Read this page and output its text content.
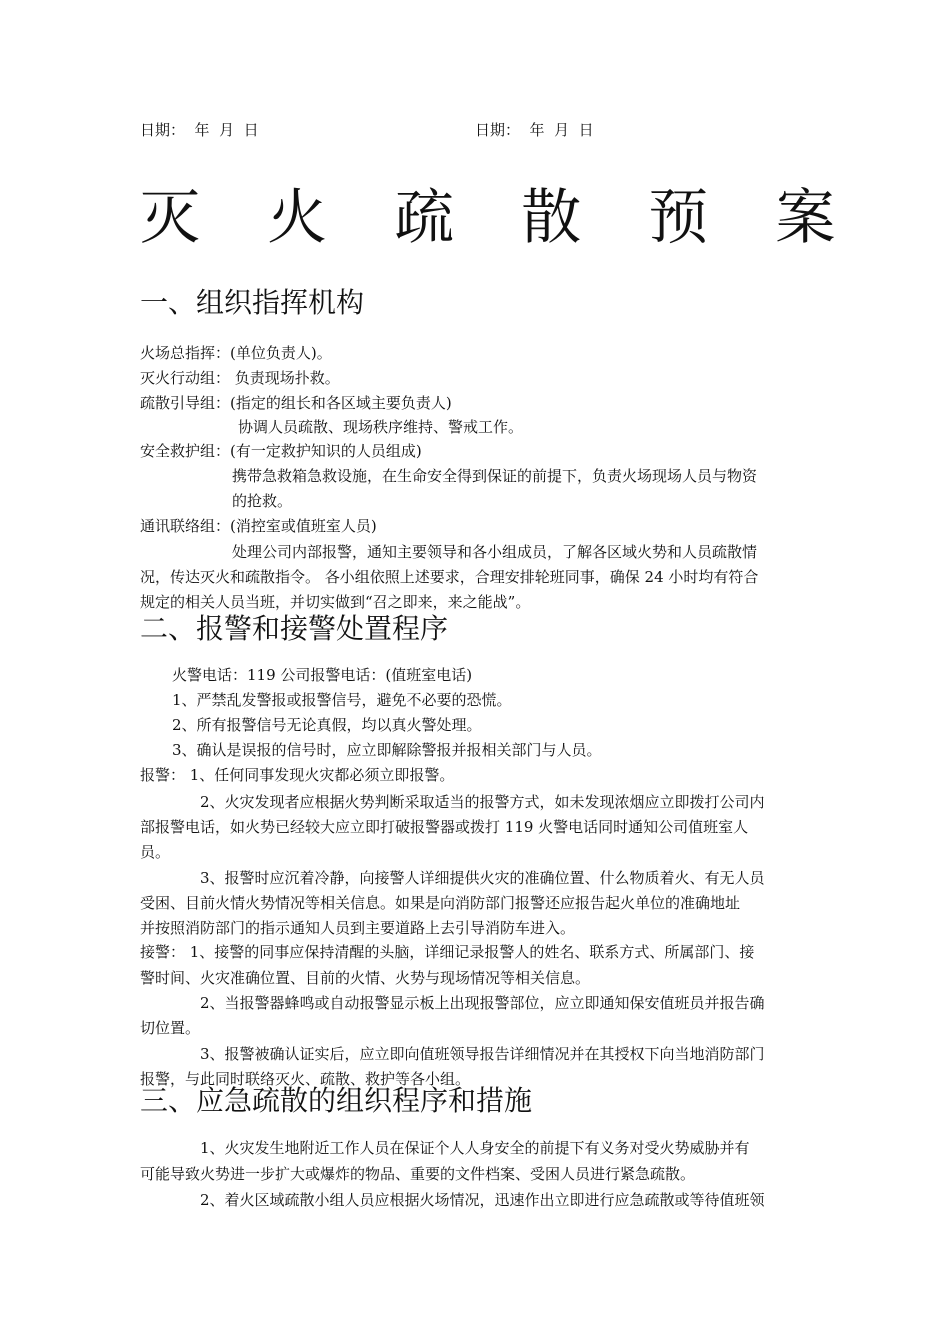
日期：  年  月  日	日期：  年  月  日
灭 火 疏 散 预 案
一、组织指挥机构
火场总指挥：(单位负责人)。
灭火行动组： 负责现场扑救。
疏散引导组：(指定的组长和各区域主要负责人)
协调人员疏散、现场秩序维持、警戒工作。
安全救护组：(有一定救护知识的人员组成)
携带急救箱急救设施，在生命安全得到保证的前提下，负责火场现场人员与物资
的抢救。
通讯联络组：(消控室或值班室人员)
处理公司内部报警，通知主要领导和各小组成员，了解各区域火势和人员疏散情
况，传达灭火和疏散指令。 各小组依照上述要求，合理安排轮班同事，确保 24 小时均有符合
规定的相关人员当班，并切实做到“召之即来，来之能战”。
二、报警和接警处置程序
火警电话：119 公司报警电话：(值班室电话)
1、严禁乱发警报或报警信号，避免不必要的恐慌。
2、所有报警信号无论真假，均以真火警处理。
3、确认是误报的信号时，应立即解除警报并报相关部门与人员。
报警： 1、任何同事发现火灾都必须立即报警。
2、火灾发现者应根据火势判断采取适当的报警方式，如未发现浓烟应立即拨打公司内
部报警电话，如火势已经较大应立即打破报警器或拨打 119 火警电话同时通知公司值班室人
员。
3、报警时应沉着冷静，向接警人详细提供火灾的准确位置、什么物质着火、有无人员
受困、目前火情火势情况等相关信息。如果是向消防部门报警还应报告起火单位的准确地址
并按照消防部门的指示通知人员到主要道路上去引导消防车进入。
接警： 1、接警的同事应保持清醒的头脑，详细记录报警人的姓名、联系方式、所属部门、接
警时间、火灾准确位置、目前的火情、火势与现场情况等相关信息。
2、当报警器蜂鸣或自动报警显示板上出现报警部位，应立即通知保安值班员并报告确
切位置。
3、报警被确认证实后，应立即向值班领导报告详细情况并在其授权下向当地消防部门
报警，与此同时联络灭火、疏散、救护等各小组。
三、应急疏散的组织程序和措施
1、火灾发生地附近工作人员在保证个人人身安全的前提下有义务对受火势威胁并有
可能导致火势进一步扩大或爆炸的物品、重要的文件档案、受困人员进行紧急疏散。
2、着火区域疏散小组人员应根据火场情况，迅速作出立即进行应急疏散或等待值班领
